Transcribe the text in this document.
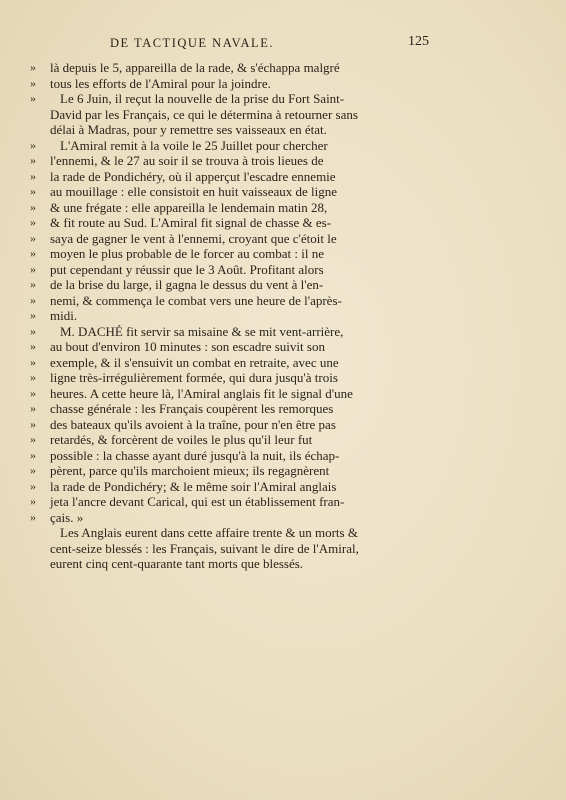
DE TACTIQUE NAVALE.	125
» là depuis le 5, appareilla de la rade, & s'échappa malgré
» tous les efforts de l'Amiral pour la joindre.
» Le 6 Juin, il reçut la nouvelle de la prise du Fort Saint-
David par les Français, ce qui le détermina à retourner sans
délai à Madras, pour y remettre ses vaisseaux en état.
» L'Amiral remit à la voile le 25 Juillet pour chercher
» l'ennemi, & le 27 au soir il se trouva à trois lieues de
» la rade de Pondichéry, où il apperçut l'escadre ennemie
» au mouillage : elle consistoit en huit vaisseaux de ligne
» & une frégate : elle appareilla le lendemain matin 28,
» & fit route au Sud. L'Amiral fit signal de chasse & es-
» saya de gagner le vent à l'ennemi, croyant que c'étoit le
» moyen le plus probable de le forcer au combat : il ne
» put cependant y réussir que le 3 Août. Profitant alors
» de la brise du large, il gagna le dessus du vent à l'en-
» nemi, & commença le combat vers une heure de l'après-
» midi.
» M. DACHÉ fit servir sa misaine & se mit vent-arrière,
» au bout d'environ 10 minutes : son escadre suivit son
» exemple, & il s'ensuivit un combat en retraite, avec une
» ligne très-irrégulièrement formée, qui dura jusqu'à trois
» heures. A cette heure là, l'Amiral anglais fit le signal d'une
» chasse générale : les Français coupèrent les remorques
» des bateaux qu'ils avoient à la traîne, pour n'en être pas
» retardés, & forcèrent de voiles le plus qu'il leur fut
» possible : la chasse ayant duré jusqu'à la nuit, ils échap-
» pèrent, parce qu'ils marchoient mieux; ils regagnèrent
» la rade de Pondichéry; & le même soir l'Amiral anglais
» jeta l'ancre devant Carical, qui est un établissement fran-
» çais. »
Les Anglais eurent dans cette affaire trente & un morts &
cent-seize blessés : les Français, suivant le dire de l'Amiral,
eurent cinq cent-quarante tant morts que blessés.
